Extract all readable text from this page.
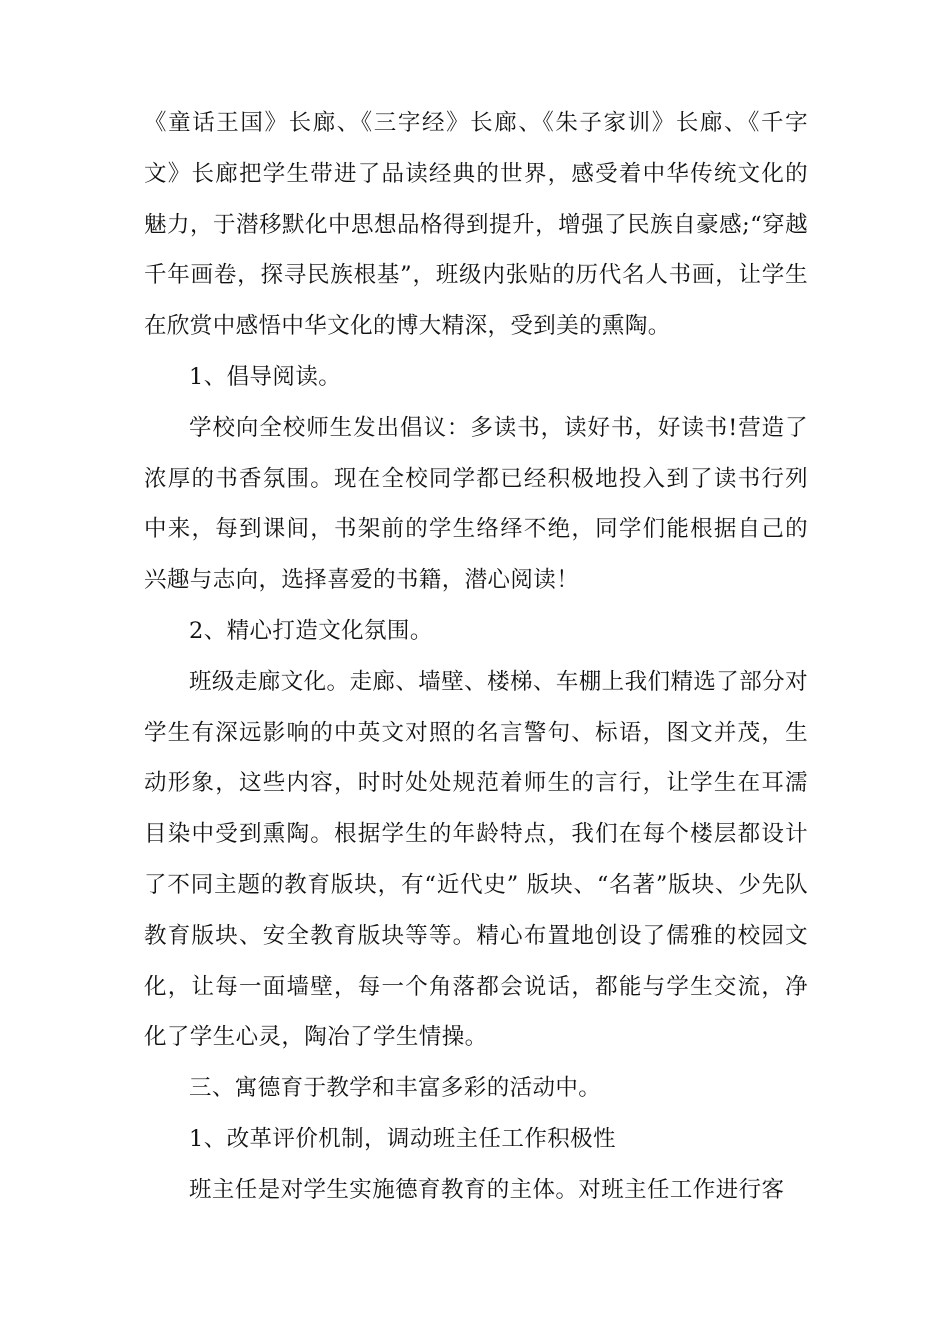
《童话王国》长廊、《三字经》长廊、《朱子家训》长廊、《千字文》长廊把学生带进了品读经典的世界，感受着中华传统文化的魅力，于潜移默化中思想品格得到提升，增强了民族自豪感;“穿越千年画卷，探寻民族根基”，班级内张贴的历代名人书画，让学生在欣赏中感悟中华文化的博大精深，受到美的熏陶。

1、倡导阅读。

学校向全校师生发出倡议：多读书，读好书，好读书!营造了浓厚的书香氛围。现在全校同学都已经积极地投入到了读书行列中来，每到课间，书架前的学生络绎不绝，同学们能根据自己的兴趣与志向，选择喜爱的书籍，潜心阅读！

2、精心打造文化氛围。

班级走廊文化。走廊、墙壁、楼梯、车棚上我们精选了部分对学生有深远影响的中英文对照的名言警句、标语，图文并茂，生动形象，这些内容，时时处处规范着师生的言行，让学生在耳濡目染中受到熏陶。根据学生的年龄特点，我们在每个楼层都设计了不同主题的教育版块，有“近代史” 版块、“名著”版块、少先队教育版块、安全教育版块等等。精心布置地创设了儒雅的校园文化，让每一面墙壁，每一个角落都会说话，都能与学生交流，净化了学生心灵，陶冶了学生情操。

三、寓德育于教学和丰富多彩的活动中。

1、改革评价机制，调动班主任工作积极性

班主任是对学生实施德育教育的主体。对班主任工作进行客
